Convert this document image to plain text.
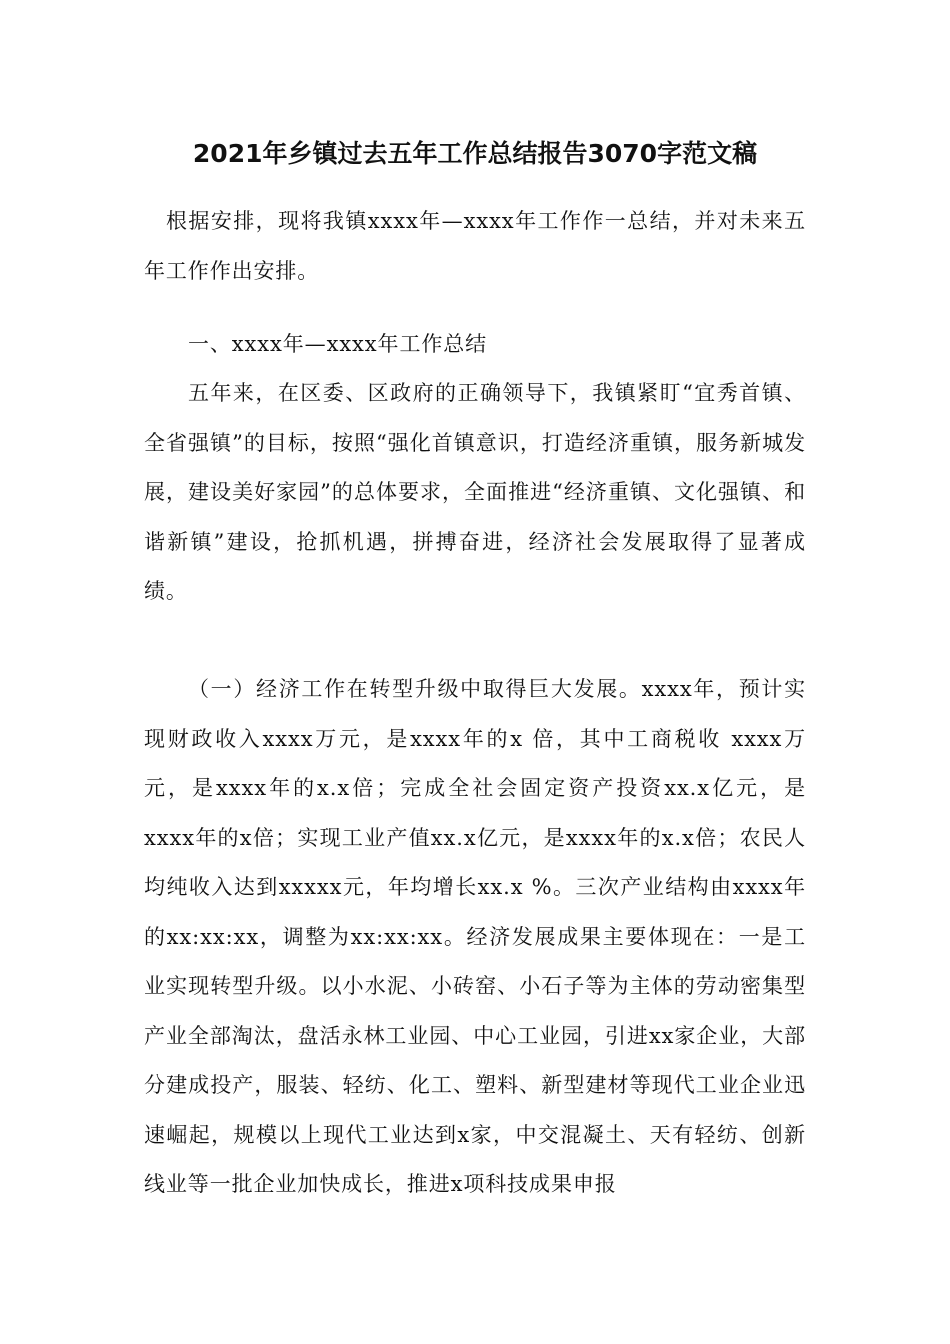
2021年乡镇过去五年工作总结报告3070字范文稿

根据安排，现将我镇xxxx年—xxxx年工作作一总结，并对未来五年工作作出安排。

一、xxxx年—xxxx年工作总结

五年来，在区委、区政府的正确领导下，我镇紧盯“宜秀首镇、全省强镇”的目标，按照“强化首镇意识，打造经济重镇，服务新城发展，建设美好家园”的总体要求，全面推进“经济重镇、文化强镇、和谐新镇”建设，抢抓机遇，拼搏奋进，经济社会发展取得了显著成绩。

（一）经济工作在转型升级中取得巨大发展。xxxx年，预计实现财政收入xxxx万元，是xxxx年的x 倍，其中工商税收 xxxx万元，是xxxx年的x.x倍；完成全社会固定资产投资xx.x亿元，是xxxx年的x倍；实现工业产值xx.x亿元，是xxxx年的x.x倍；农民人均纯收入达到xxxxx元，年均增长xx.x %。三次产业结构由xxxx年的xx:xx:xx，调整为xx:xx:xx。经济发展成果主要体现在：一是工业实现转型升级。以小水泥、小砖窑、小石子等为主体的劳动密集型产业全部淘汰，盘活永林工业园、中心工业园，引进xx家企业，大部分建成投产，服装、轻纺、化工、塑料、新型建材等现代工业企业迅速崛起，规模以上现代工业达到x家，中交混凝土、天有轻纺、创新线业等一批企业加快成长，推进x项科技成果申报
